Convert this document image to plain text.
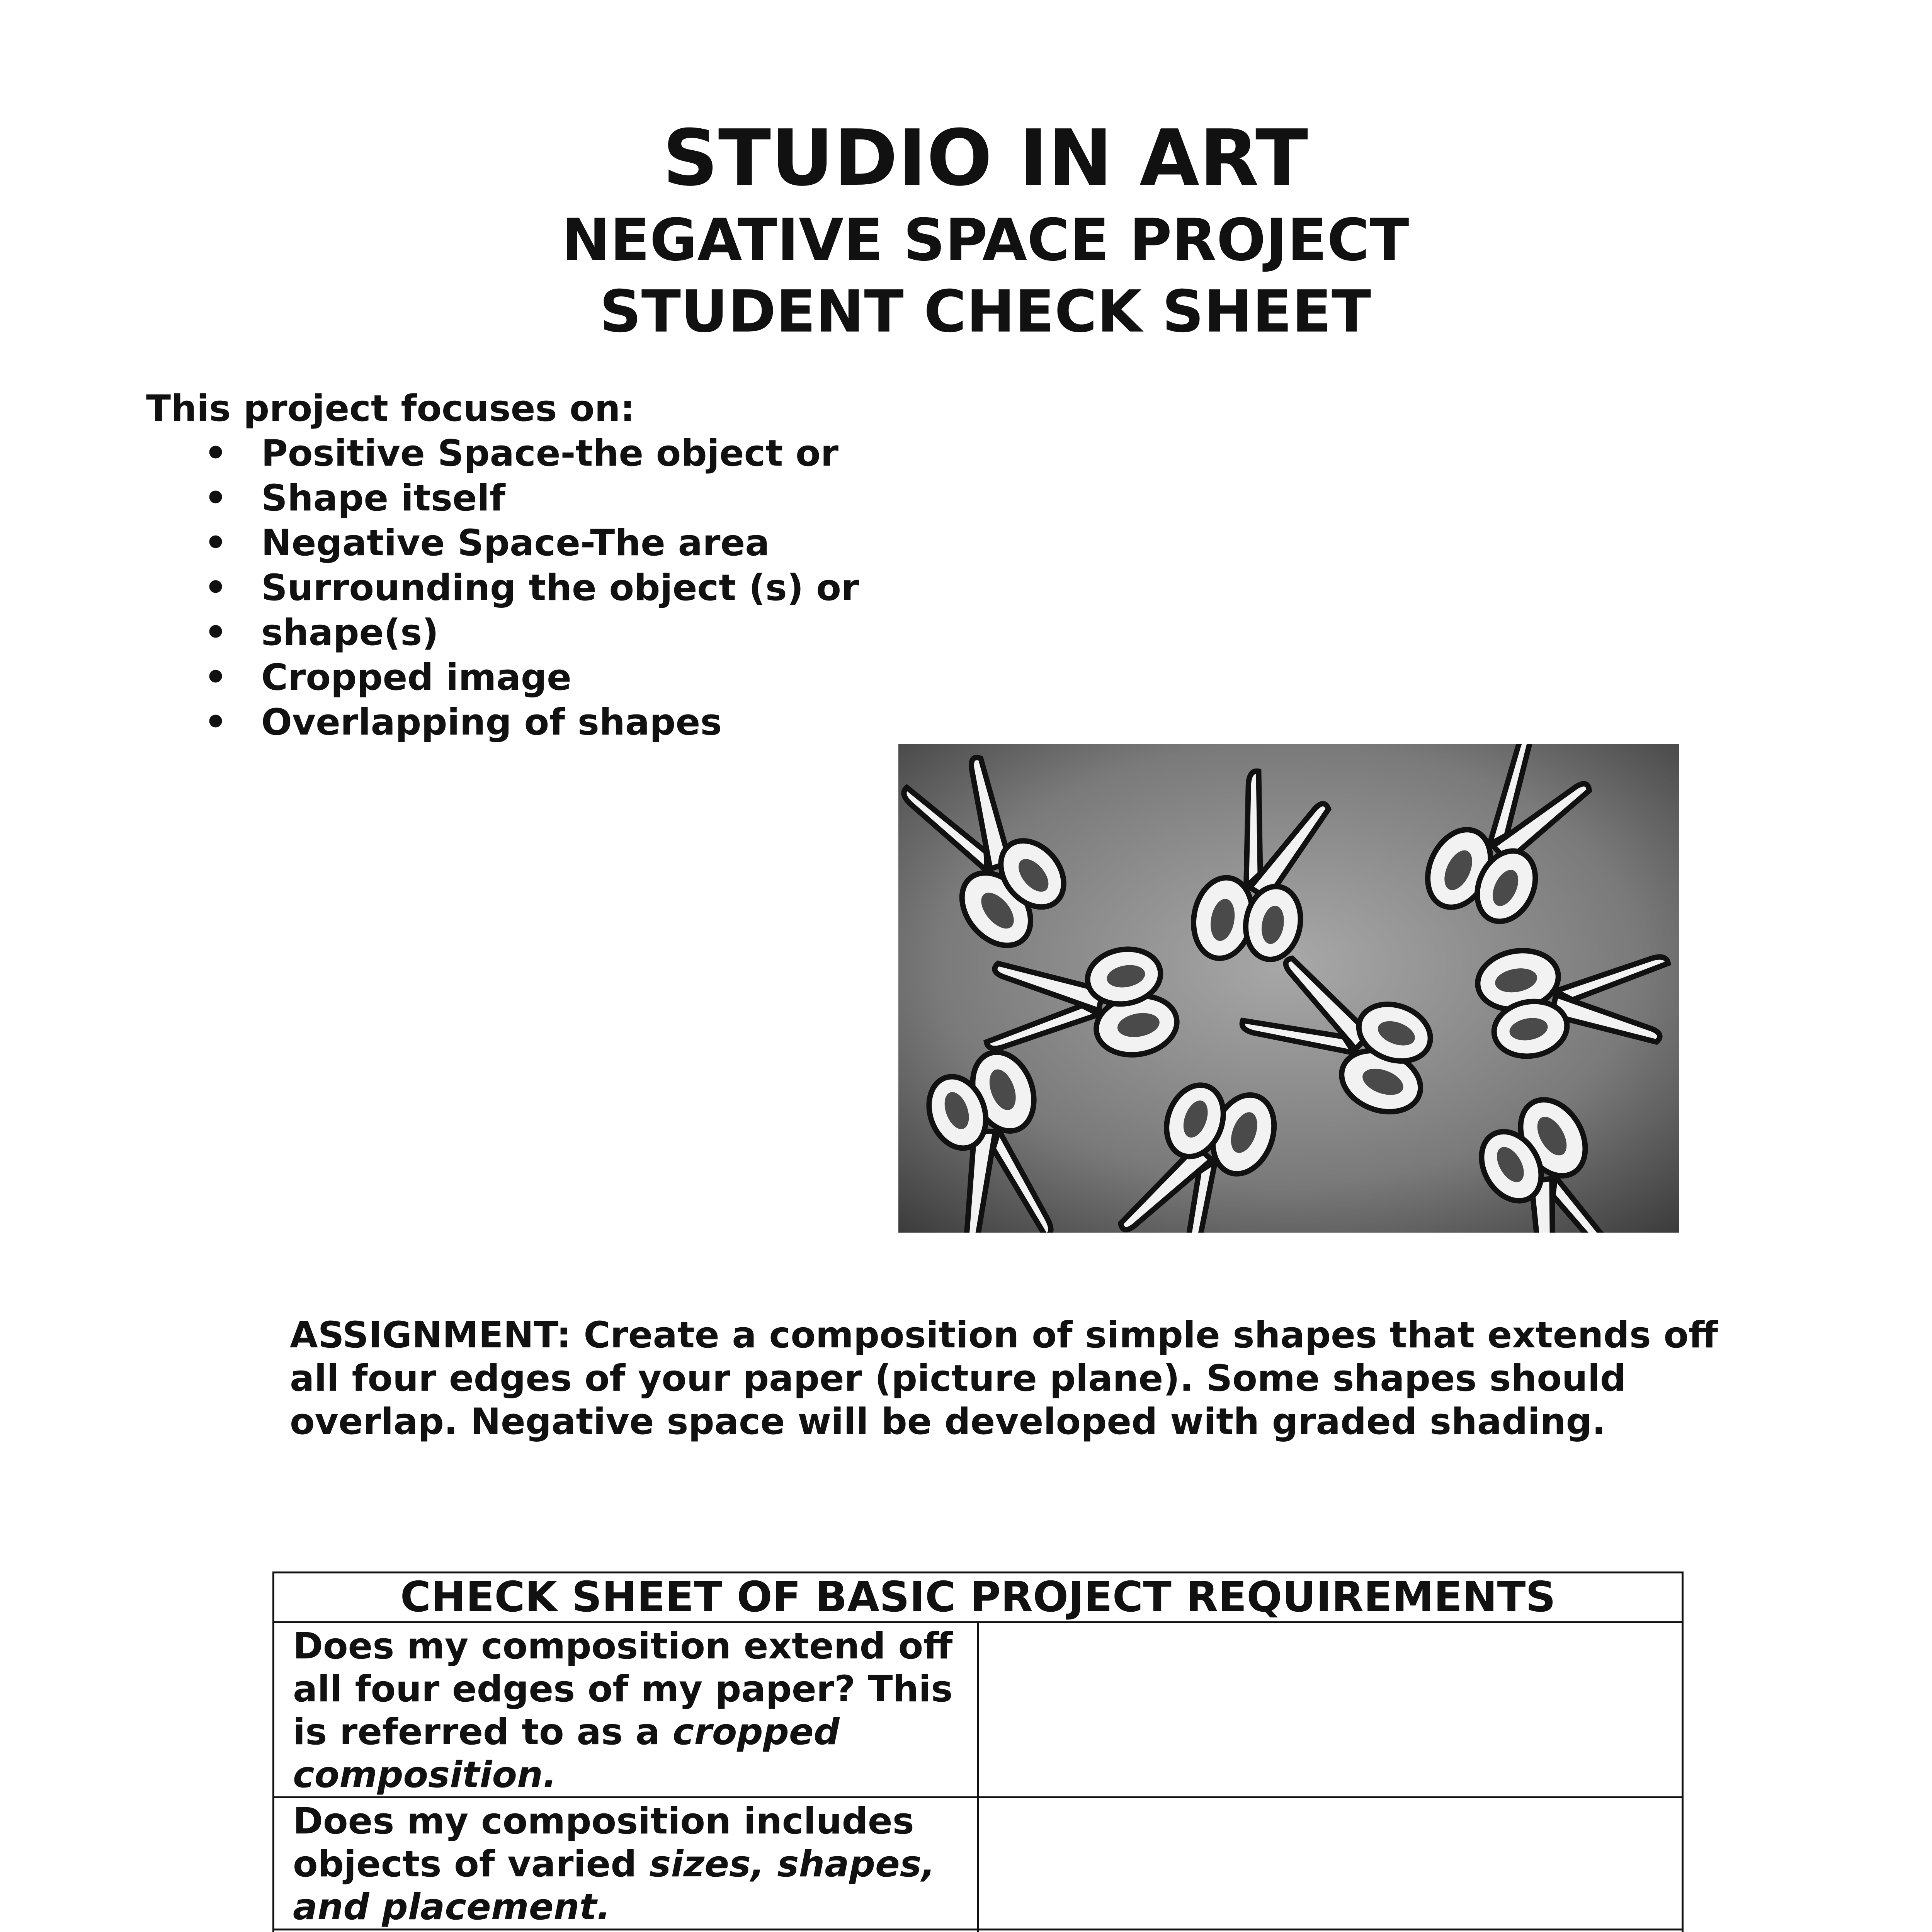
STUDIO IN ART

NEGATIVE SPACE PROJECT

STUDENT CHECK SHEET

This project focuses on:

• Positive Space-the object or
• Shape itself
• Negative Space-The area
• Surrounding the object (s) or
• shape(s)
• Cropped image
• Overlapping of shapes

ASSIGNMENT: Create a composition of simple shapes that extends off all four edges of your paper (picture plane). Some shapes should overlap. Negative space will be developed with graded shading.

CHECK SHEET OF BASIC PROJECT REQUIREMENTS	
Does my composition extend off all four edges of my paper? This is referred to as a cropped composition.	
Does my composition includes objects of varied sizes, shapes, and placement.	
